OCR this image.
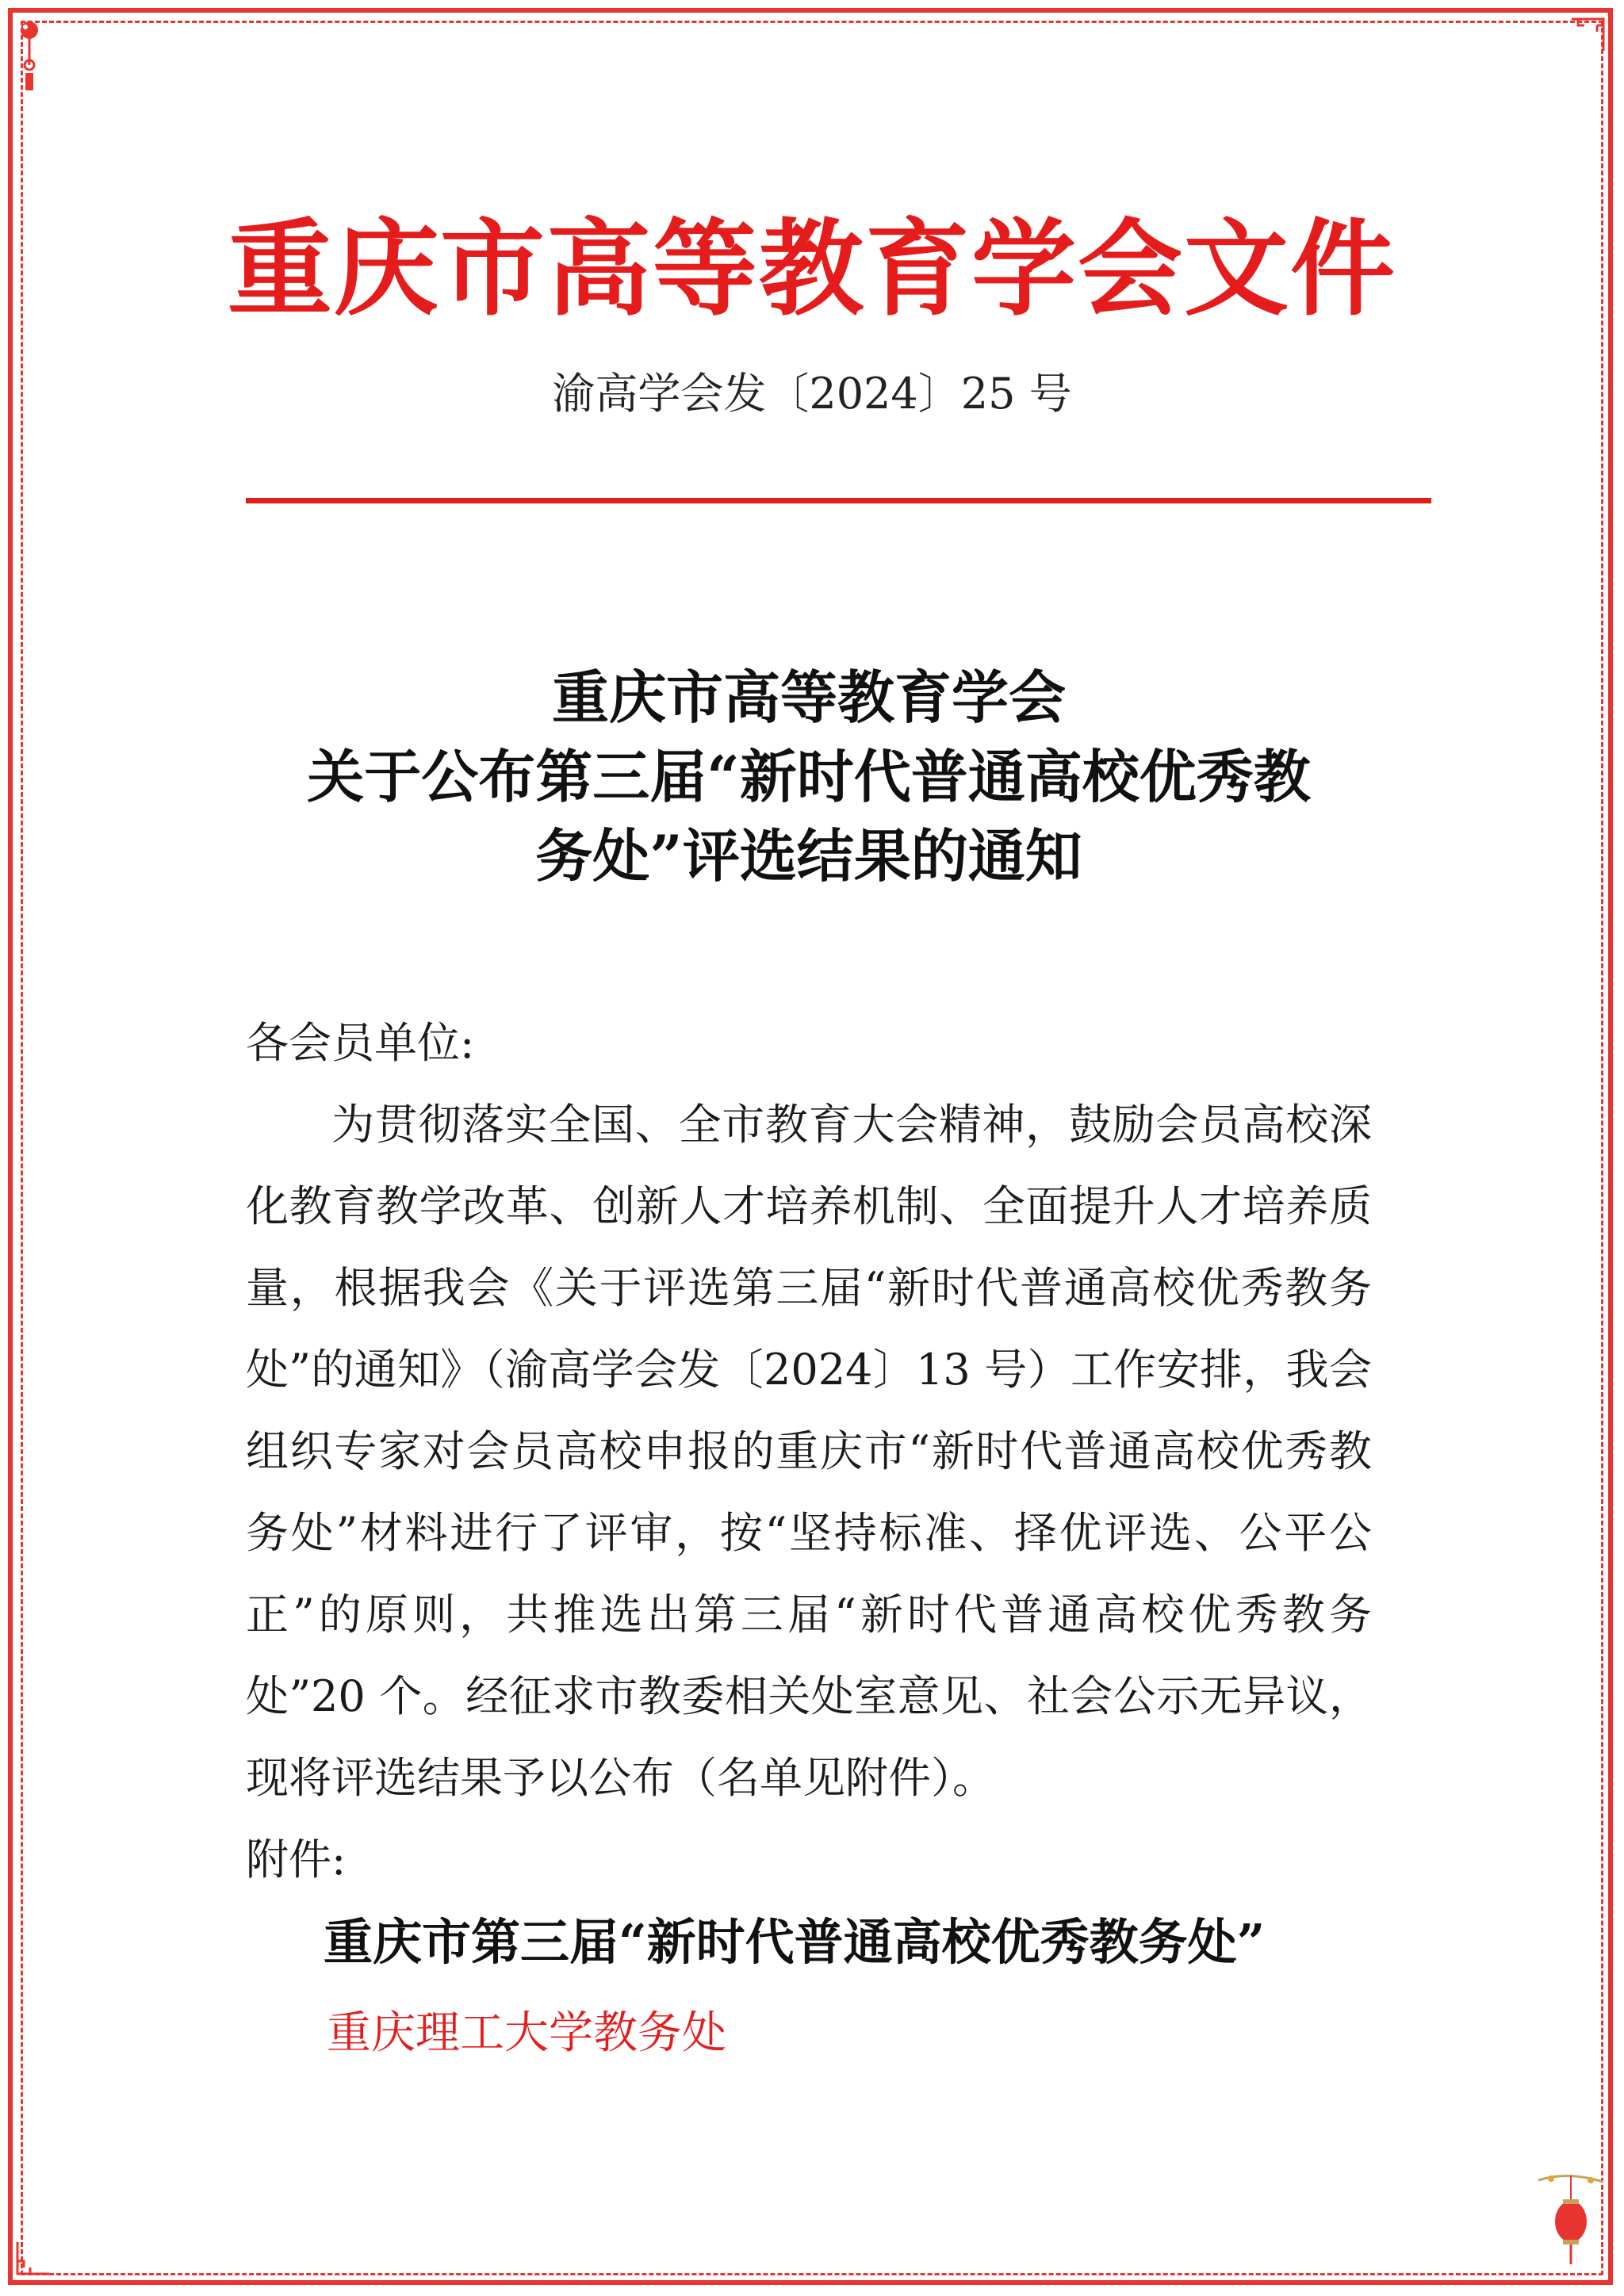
重庆市高等教育学会文件
渝高学会发〔2024〕25 号
重庆市高等教育学会
关于公布第三届“新时代普通高校优秀教
务处”评选结果的通知
各会员单位:

为贯彻落实全国、全市教育大会精神，鼓励会员高校深化教育教学改革、创新人才培养机制、全面提升人才培养质量，根据我会《关于评选第三届“新时代普通高校优秀教务处”的通知》（渝高学会发〔2024〕13 号）工作安排，我会组织专家对会员高校申报的重庆市“新时代普通高校优秀教务处”材料进行了评审，按“坚持标准、择优评选、公平公正”的原则，共推选出第三届“新时代普通高校优秀教务处”20 个。经征求市教委相关处室意见、社会公示无异议，现将评选结果予以公布（名单见附件）。

附件:
重庆市第三届“新时代普通高校优秀教务处”
重庆理工大学教务处
